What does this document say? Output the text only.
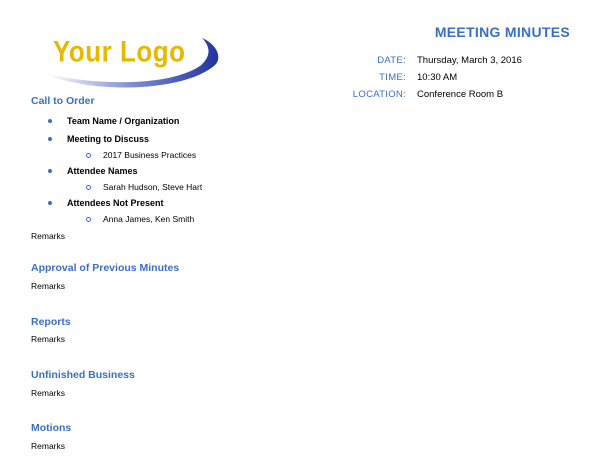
Your Logo
MEETING MINUTES
DATE: Thursday, March 3, 2016
TIME: 10:30 AM
LOCATION: Conference Room B
Call to Order
Team Name / Organization
Meeting to Discuss
2017 Business Practices
Attendee Names
Sarah Hudson, Steve Hart
Attendees Not Present
Anna James, Ken Smith
Remarks
Approval of Previous Minutes
Remarks
Reports
Remarks
Unfinished Business
Remarks
Motions
Remarks
